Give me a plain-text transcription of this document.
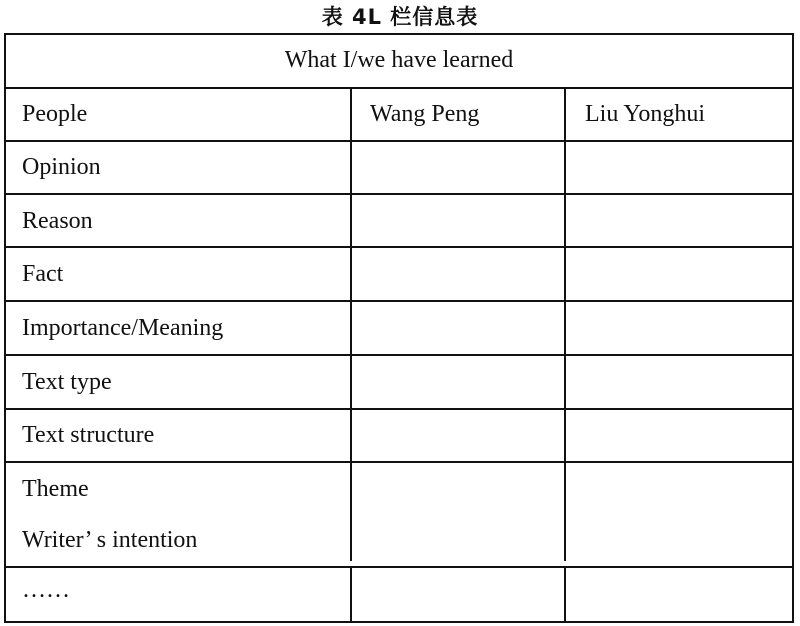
表 4L 栏信息表
What I/we have learned
People	Wang Peng	Liu Yonghui
Opinion
Reason
Fact
Importance/Meaning
Text type
Text structure
Theme
Writer’ s intention
……
